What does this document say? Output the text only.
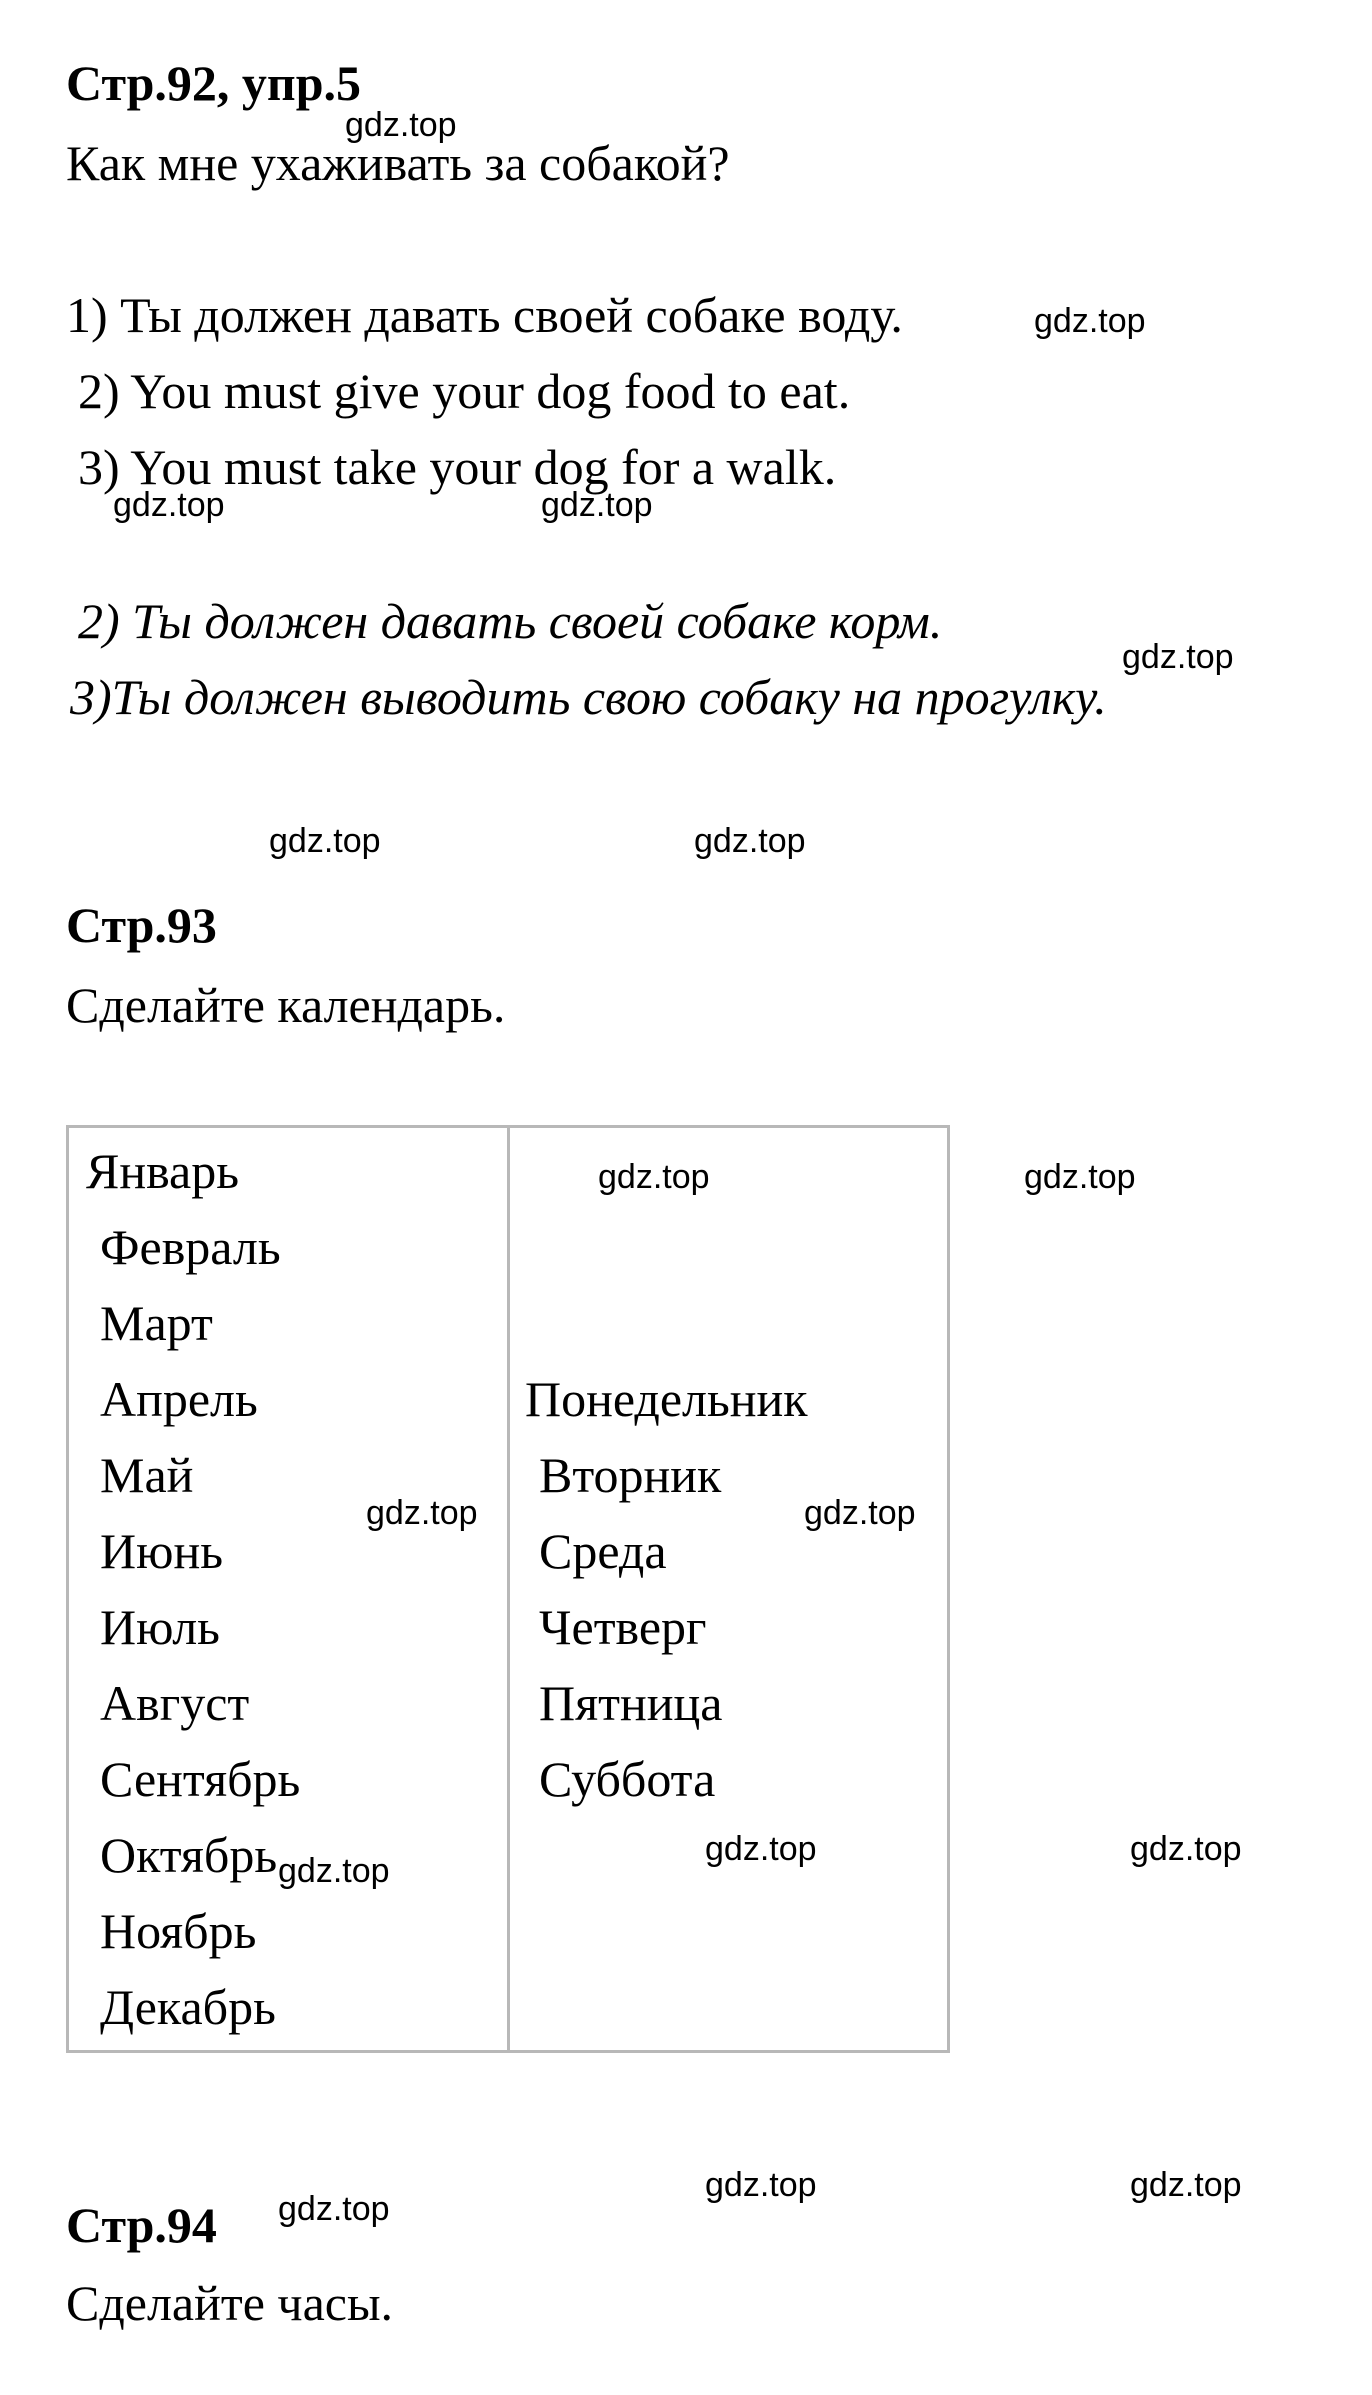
Стр.92, упр.5
Как мне ухаживать за собакой?
1) Ты должен давать своей собаке воду.
2) You must give your dog food to eat.
3) You must take your dog for a walk.
2) Ты должен давать своей собаке корм.
3)Ты должен выводить свою собаку на прогулку.
Стр.93
Сделайте календарь.
Январь
Февраль
Март
Апрель
Май
Июнь
Июль
Август
Сентябрь
Октябрь
Ноябрь
Декабрь
Понедельник
Вторник
Среда
Четверг
Пятница
Суббота
Стр.94
Сделайте часы.
gdz.top
gdz.top
gdz.top	gdz.top
gdz.top
gdz.top	gdz.top
gdz.top	gdz.top
gdz.top	gdz.top
gdz.top
gdz.top	gdz.top
gdz.top
gdz.top	gdz.top
